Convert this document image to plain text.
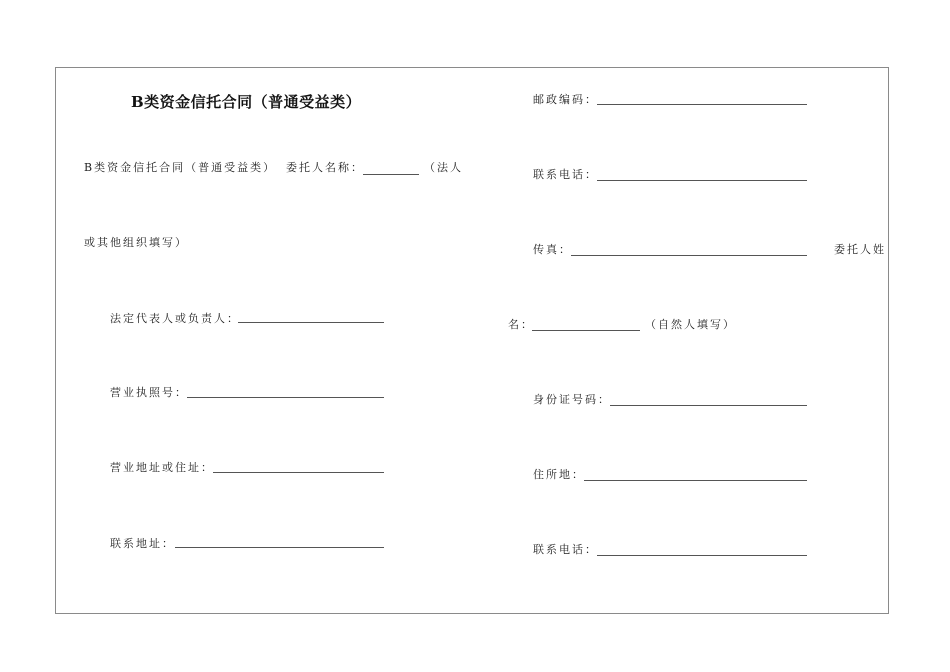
B类资金信托合同（普通受益类）
B类资金信托合同（普通受益类） 委托人名称：	（法人
或其他组织填写）
法定代表人或负责人：
营业执照号：
营业地址或住址：
联系地址：
邮政编码：
联系电话：
传真：	委托人姓
名：	（自然人填写）
身份证号码：
住所地：
联系电话：
